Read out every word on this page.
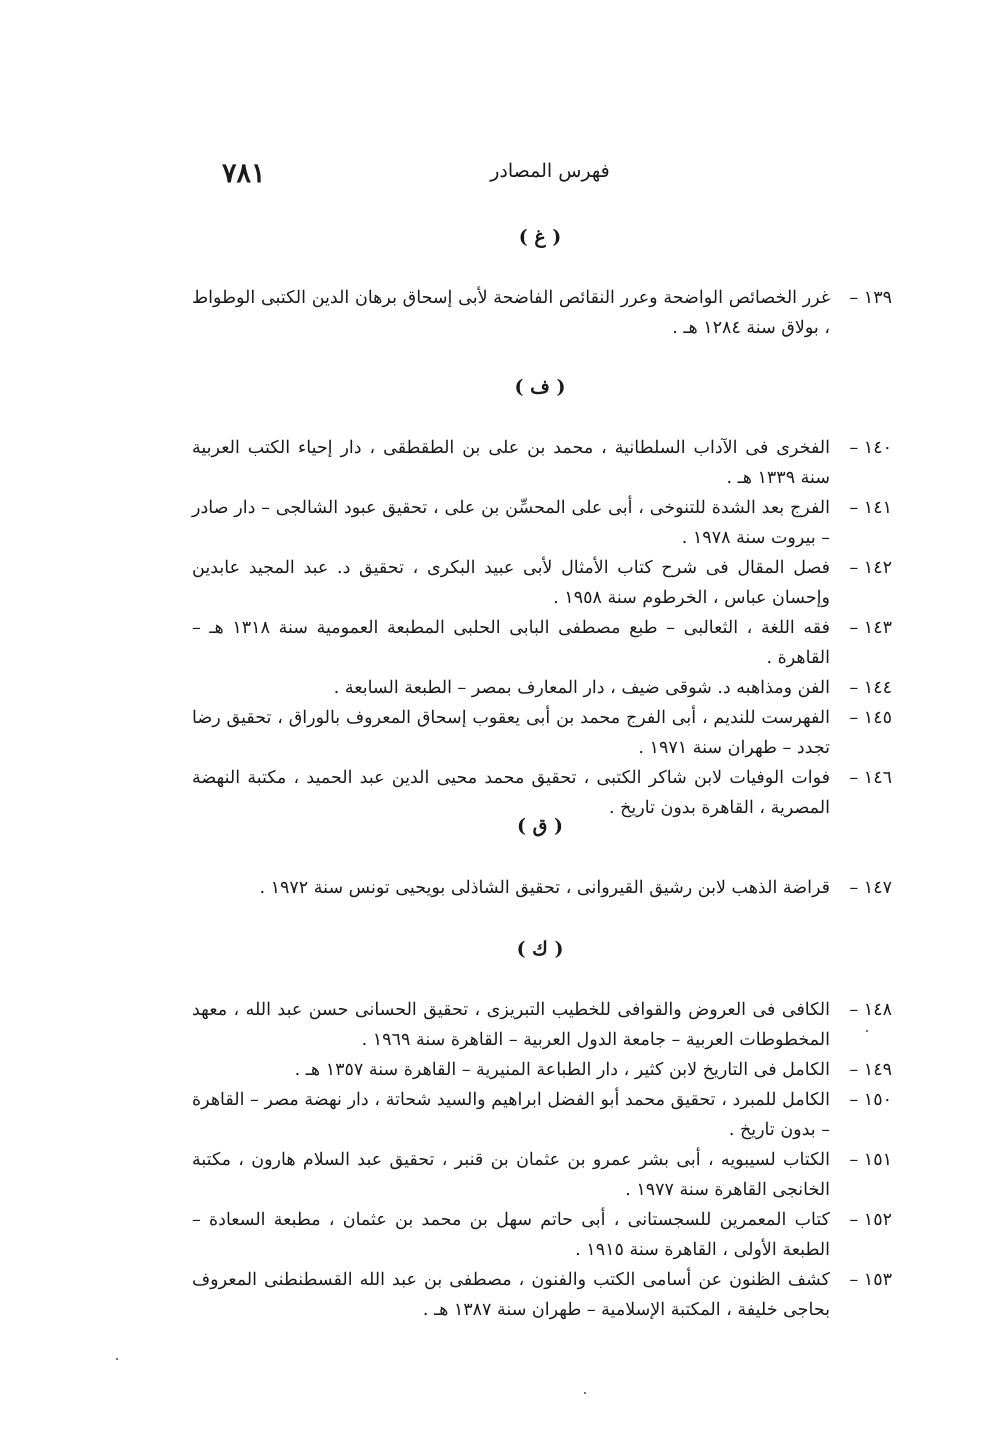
٧٨١	فهرس المصادر
( غ )
١٣٩ –
غرر الخصائص الواضحة وعرر النقائص الفاضحة لأبى إسحاق برهان الدين الكتبى الوطواط ، بولاق سنة ١٢٨٤ هـ .
( ف )
١٤٠ –
الفخرى فى الآداب السلطانية ، محمد بن على بن الطقطقى ، دار إحياء الكتب العربية سنة ١٣٣٩ هـ .
١٤١ –
الفرج بعد الشدة للتنوخى ، أبى على المحسِّن بن على ، تحقيق عبود الشالجى – دار صادر – بيروت سنة ١٩٧٨ .
١٤٢ –
فصل المقال فى شرح كتاب الأمثال لأبى عبيد البكرى ، تحقيق د. عبد المجيد عابدين وإحسان عباس ، الخرطوم سنة ١٩٥٨ .
١٤٣ –
فقه اللغة ، الثعالبى – طبع مصطفى البابى الحلبى المطبعة العمومية سنة ١٣١٨ هـ – القاهرة .
١٤٤ –
الفن ومذاهبه د. شوقى ضيف ، دار المعارف بمصر – الطبعة السابعة .
١٤٥ –
الفهرست للنديم ، أبى الفرج محمد بن أبى يعقوب إسحاق المعروف بالوراق ، تحقيق رضا تجدد – طهران سنة ١٩٧١ .
١٤٦ –
فوات الوفيات لابن شاكر الكتبى ، تحقيق محمد محيى الدين عبد الحميد ، مكتبة النهضة المصرية ، القاهرة بدون تاريخ .
( ق )
١٤٧ –
قراضة الذهب لابن رشيق القيروانى ، تحقيق الشاذلى بويحيى تونس سنة ١٩٧٢ .
( ك )
١٤٨ –
الكافى فى العروض والقوافى للخطيب التبريزى ، تحقيق الحسانى حسن عبد الله ، معهد المخطوطات العربية – جامعة الدول العربية – القاهرة سنة ١٩٦٩ .
١٤٩ –
الكامل فى التاريخ لابن كثير ، دار الطباعة المنيرية – القاهرة سنة ١٣٥٧ هـ .
١٥٠ –
الكامل للمبرد ، تحقيق محمد أبو الفضل ابراهيم والسيد شحاتة ، دار نهضة مصر – القاهرة – بدون تاريخ .
١٥١ –
الكتاب لسيبويه ، أبى بشر عمرو بن عثمان بن قنبر ، تحقيق عبد السلام هارون ، مكتبة الخانجى القاهرة سنة ١٩٧٧ .
١٥٢ –
كتاب المعمرين للسجستانى ، أبى حاتم سهل بن محمد بن عثمان ، مطبعة السعادة – الطبعة الأولى ، القاهرة سنة ١٩١٥ .
١٥٣ –
كشف الظنون عن أسامى الكتب والفنون ، مصطفى بن عبد الله القسطنطنى المعروف بحاجى خليفة ، المكتبة الإسلامية – طهران سنة ١٣٨٧ هـ .
